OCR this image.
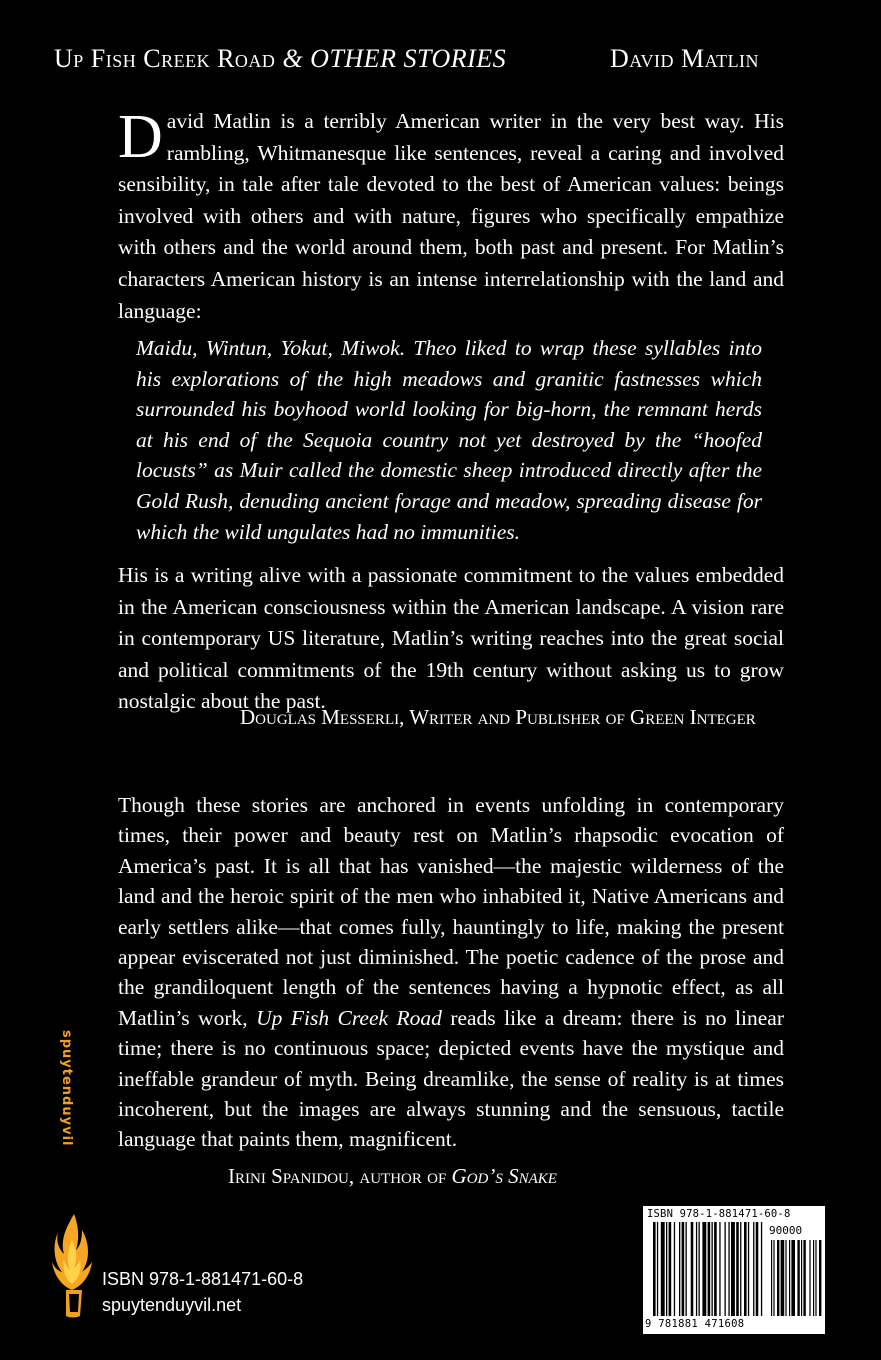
Up Fish Creek Road & OTHER STORIES	David Matlin
David Matlin is a terribly American writer in the very best way. His rambling, Whitmanesque like sentences, reveal a caring and involved sensibility, in tale after tale devoted to the best of American values: beings involved with others and with nature, figures who specifically empathize with others and the world around them, both past and present. For Matlin’s characters American history is an intense interrelationship with the land and language:
Maidu, Wintun, Yokut, Miwok. Theo liked to wrap these syllables into his explorations of the high meadows and granitic fastnesses which surrounded his boyhood world looking for big-horn, the remnant herds at his end of the Sequoia country not yet destroyed by the “hoofed locusts” as Muir called the domestic sheep introduced directly after the Gold Rush, denuding ancient forage and meadow, spreading disease for which the wild ungulates had no immunities.
His is a writing alive with a passionate commitment to the values embedded in the American consciousness within the American landscape. A vision rare in contemporary US literature, Matlin’s writing reaches into the great social and political commitments of the 19th century without asking us to grow nostalgic about the past.
Douglas Messerli, Writer and Publisher of Green Integer
Though these stories are anchored in events unfolding in contemporary times, their power and beauty rest on Matlin’s rhapsodic evocation of America’s past. It is all that has vanished—the majestic wilderness of the land and the heroic spirit of the men who inhabited it, Native Americans and early settlers alike—that comes fully, hauntingly to life, making the present appear eviscerated not just diminished. The poetic cadence of the prose and the grandiloquent length of the sentences having a hypnotic effect, as all Matlin’s work, Up Fish Creek Road reads like a dream: there is no linear time; there is no continuous space; depicted events have the mystique and ineffable grandeur of myth. Being dreamlike, the sense of reality is at times incoherent, but the images are always stunning and the sensuous, tactile language that paints them, magnificent.
Irini Spanidou, author of God’s Snake
spuytenduyvil
ISBN 978-1-881471-60-8
spuytenduyvil.net
ISBN 978-1-881471-60-8
90000
9 781881 471608
